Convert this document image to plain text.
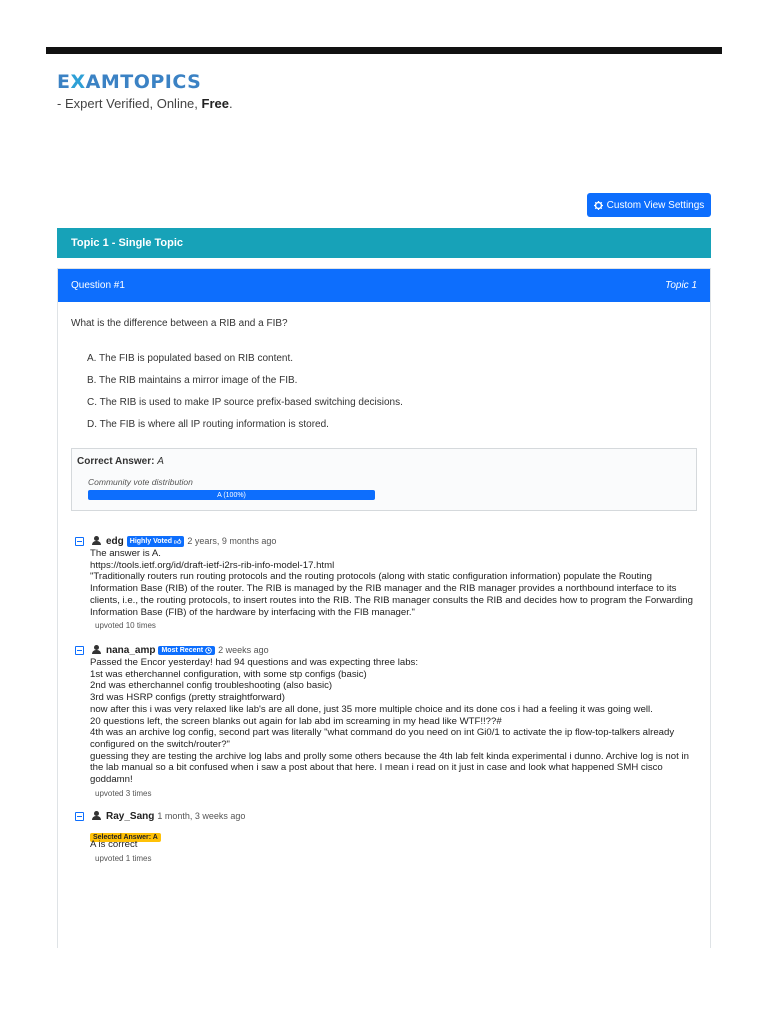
EXAMTOPICS
- Expert Verified, Online, Free.
Custom View Settings
Topic 1 - Single Topic
Question #1	Topic 1
What is the difference between a RIB and a FIB?
A. The FIB is populated based on RIB content.
B. The RIB maintains a mirror image of the FIB.
C. The RIB is used to make IP source prefix-based switching decisions.
D. The FIB is where all IP routing information is stored.
Correct Answer: A
Community vote distribution
A (100%)
edg Highly Voted 👍︎ 2 years, 9 months ago
The answer is A.
https://tools.ietf.org/id/draft-ietf-i2rs-rib-info-model-17.html
"Traditionally routers run routing protocols and the routing protocols (along with static configuration information) populate the Routing
Information Base (RIB) of the router. The RIB is managed by the RIB manager and the RIB manager provides a northbound interface to its
clients, i.e., the routing protocols, to insert routes into the RIB. The RIB manager consults the RIB and decides how to program the Forwarding
Information Base (FIB) of the hardware by interfacing with the FIB manager."
upvoted 10 times
nana_amp Most Recent 2 weeks ago
Passed the Encor yesterday! had 94 questions and was expecting three labs:
1st was etherchannel configuration, with some stp configs (basic)
2nd was etherchannel config troubleshooting (also basic)
3rd was HSRP configs (pretty straightforward)
now after this i was very relaxed like lab's are all done, just 35 more multiple choice and its done cos i had a feeling it was going well.
20 questions left, the screen blanks out again for lab abd im screaming in my head like WTF!!??#
4th was an archive log config, second part was literally "what command do you need on int Gi0/1 to activate the ip flow-top-talkers already
configured on the switch/router?"
guessing they are testing the archive log labs and prolly some others because the 4th lab felt kinda experimental i dunno. Archive log is not in
the lab manual so a bit confused when i saw a post about that here. I mean i read on it just in case and look what happened SMH cisco
goddamn!
upvoted 3 times
Ray_Sang 1 month, 3 weeks ago
Selected Answer: A
A is correct
upvoted 1 times
